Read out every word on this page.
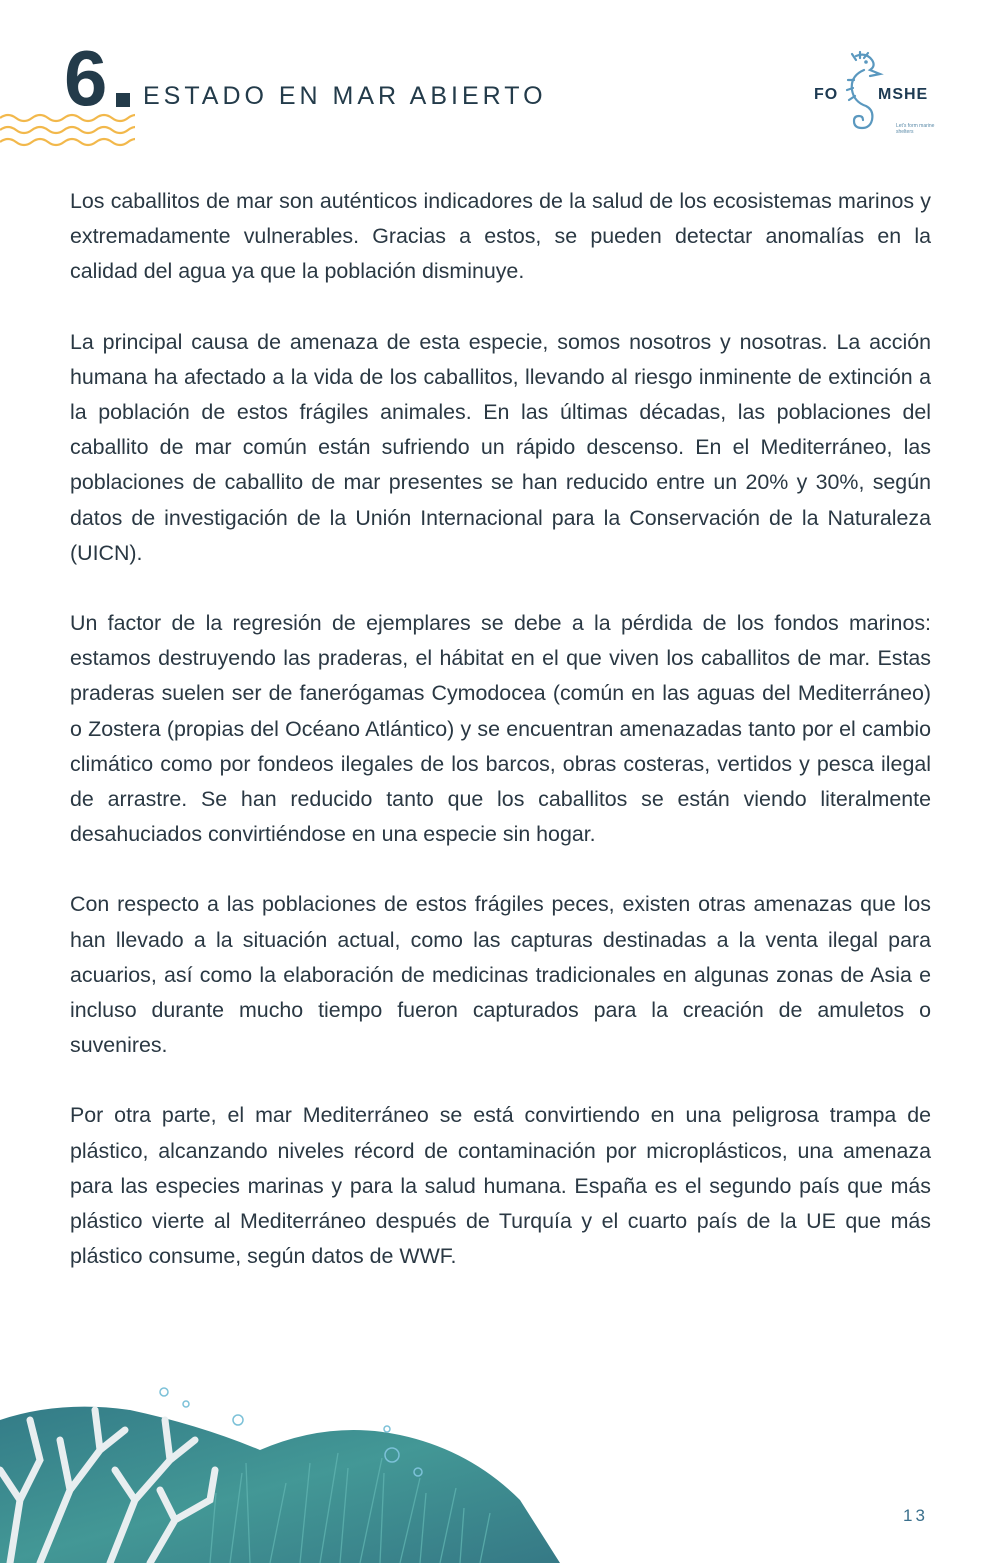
6 ESTADO EN MAR ABIERTO	FO MSHE
Let's form marine shelters

Los caballitos de mar son auténticos indicadores de la salud de los ecosistemas marinos y extremadamente vulnerables. Gracias a estos, se pueden detectar anomalías en la calidad del agua ya que la población disminuye.

La principal causa de amenaza de esta especie, somos nosotros y nosotras. La acción humana ha afectado a la vida de los caballitos, llevando al riesgo inminente de extinción a la población de estos frágiles animales. En las últimas décadas, las poblaciones del caballito de mar común están sufriendo un rápido descenso. En el Mediterráneo, las poblaciones de caballito de mar presentes se han reducido entre un 20% y 30%, según datos de investigación de la Unión Internacional para la Conservación de la Naturaleza (UICN).

Un factor de la regresión de ejemplares se debe a la pérdida de los fondos marinos: estamos destruyendo las praderas, el hábitat en el que viven los caballitos de mar. Estas praderas suelen ser de fanerógamas Cymodocea (común en las aguas del Mediterráneo) o Zostera (propias del Océano Atlántico) y se encuentran amenazadas tanto por el cambio climático como por fondeos ilegales de los barcos, obras costeras, vertidos y pesca ilegal de arrastre. Se han reducido tanto que los caballitos se están viendo literalmente desahuciados convirtiéndose en una especie sin hogar.

Con respecto a las poblaciones de estos frágiles peces, existen otras amenazas que los han llevado a la situación actual, como las capturas destinadas a la venta ilegal para acuarios, así como la elaboración de medicinas tradicionales en algunas zonas de Asia e incluso durante mucho tiempo fueron capturados para la creación de amuletos o suvenires.

Por otra parte, el mar Mediterráneo se está convirtiendo en una peligrosa trampa de plástico, alcanzando niveles récord de contaminación por microplásticos, una amenaza para las especies marinas y para la salud humana. España es el segundo país que más plástico vierte al Mediterráneo después de Turquía y el cuarto país de la UE que más plástico consume, según datos de WWF.

13
